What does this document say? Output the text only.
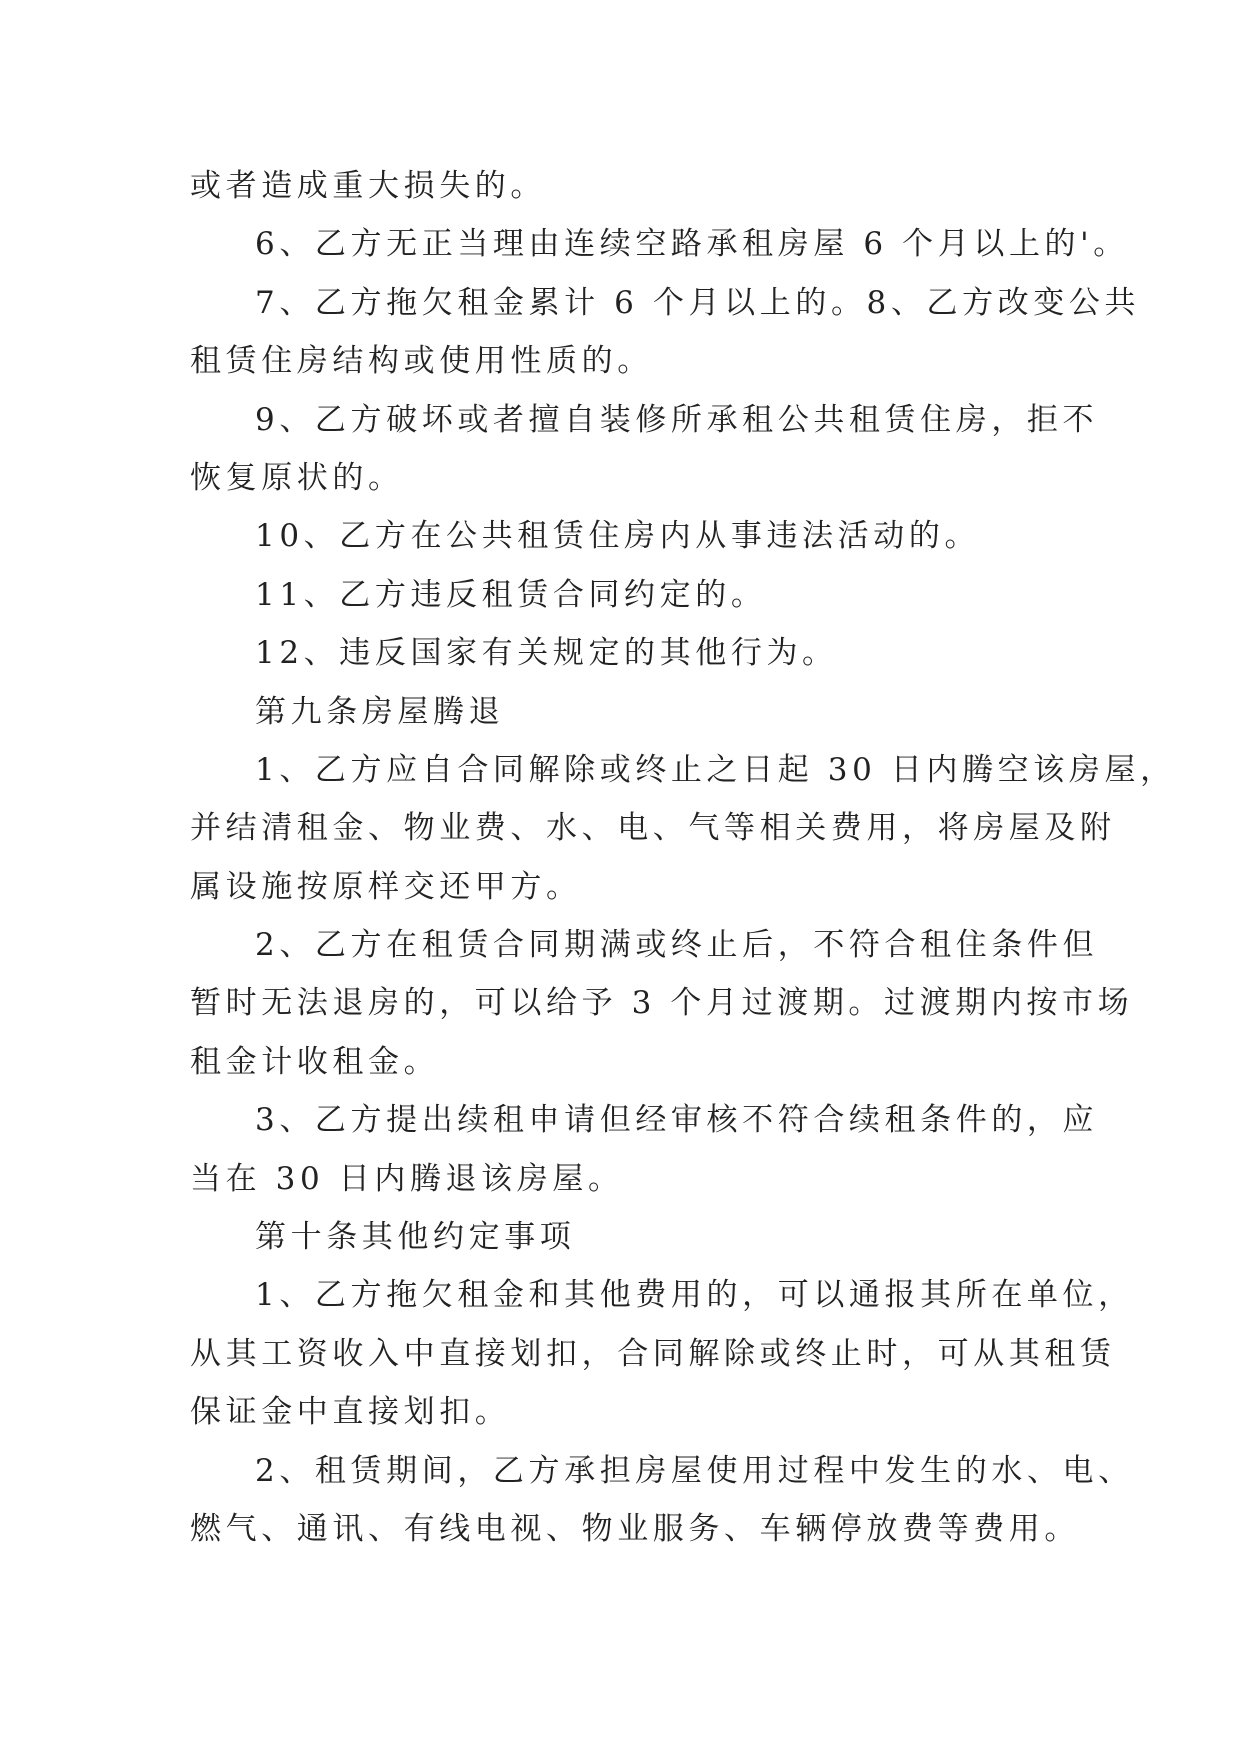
或者造成重大损失的。

6、乙方无正当理由连续空路承租房屋 6 个月以上的'。

7、乙方拖欠租金累计 6 个月以上的。8、乙方改变公共

租赁住房结构或使用性质的。

9、乙方破坏或者擅自装修所承租公共租赁住房，拒不

恢复原状的。

10、乙方在公共租赁住房内从事违法活动的。

11、乙方违反租赁合同约定的。

12、违反国家有关规定的其他行为。

第九条房屋腾退

1、乙方应自合同解除或终止之日起 30 日内腾空该房屋，

并结清租金、物业费、水、电、气等相关费用，将房屋及附

属设施按原样交还甲方。

2、乙方在租赁合同期满或终止后，不符合租住条件但

暂时无法退房的，可以给予 3 个月过渡期。过渡期内按市场

租金计收租金。

3、乙方提出续租申请但经审核不符合续租条件的，应

当在 30 日内腾退该房屋。

第十条其他约定事项

1、乙方拖欠租金和其他费用的，可以通报其所在单位，

从其工资收入中直接划扣，合同解除或终止时，可从其租赁

保证金中直接划扣。

2、租赁期间，乙方承担房屋使用过程中发生的水、电、

燃气、通讯、有线电视、物业服务、车辆停放费等费用。
